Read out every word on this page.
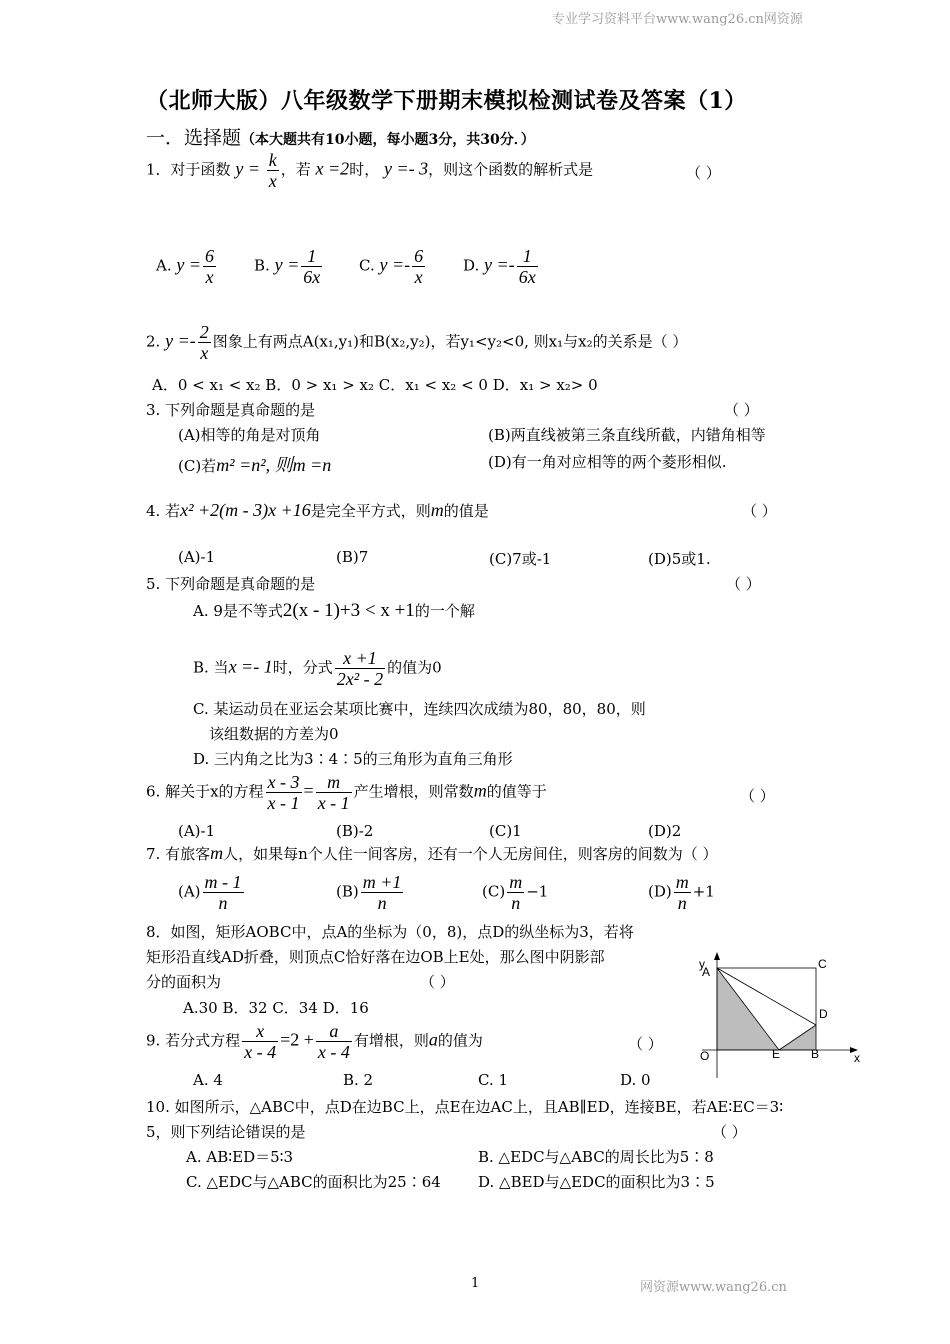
专业学习资料平台www.wang26.cn网资源
（北师大版）八年级数学下册期末模拟检测试卷及答案（1）
一．选择题（本大题共有10小题，每小题3分，共30分．）
1．对于函数 $y = \frac{k}{x}$ ，若 x =2时， y =- 3，则这个函数的解析式是	（ ）
A. $y = \frac{6}{x}$	B. $y = \frac{1}{6x} C$. $y =- \frac{6}{x}$	D. $y =- \frac{1}{6x}$
2. $y =- \frac{2}{x}$ 图象上有两点A(x₁,y₁)和B(x₂,y₂)，若y₁<y₂<0, 则x₁与x₂的关系是（ ）
A．0 < x₁ < x₂ B．0 > x₁ > x₂ C．x₁ < x₂ < 0 D．x₁ > x₂> 0
3. 下列命题是真命题的是	（ ）
(A)相等的角是对顶角	(B)两直线被第三条直线所截，内错角相等
(C)若m² =n², 则m =n	(D)有一角对应相等的两个菱形相似.
4. 若x² +2(m - 3)x +16是完全平方式，则m的值是	（ ）
(A)-1	(B)7	(C)7或-1	(D)5或1.
5. 下列命题是真命题的是	（ ）
A. 9是不等式2(x - 1)+3 < x +1的一个解
B. 当x =- 1时，分式 $\frac{x +1}{\text{2x² - 2}}$ 的值为0
C. 某运动员在亚运会某项比赛中，连续四次成绩为80，80，80，则
该组数据的方差为0
D. 三内角之比为3∶4∶5的三角形为直角三角形
6. 解关于x的方程 $\frac{x - 3}{x - 1} = \frac{m}{x - 1}$ 产生增根，则常数m的值等于	（ ）
(A)-1	(B)-2	(C)1	(D)2
7. 有旅客m人，如果每n个人住一间客房，还有一个人无房间住，则客房的间数为（ ）
$(A) \frac{m - 1}{n}$	$(B) \frac{m +1}{n}$	$(C) \frac{m}{n} -1$	$(D) \frac{m}{n} +1$
8．如图，矩形AOBC中，点A的坐标为（0，8)，点D的纵坐标为3，若将
矩形沿直线AD折叠，则顶点C恰好落在边OB上E处，那么图中阴影部
分的面积为	（ ）
A.30 B．32 C．34 D．16
y
A
C
D
O	E	B	x
9. 若分式方程 $\frac{x}{x - 4} =2 + \frac{a}{x - 4}$ 有增根，则a的值为	（ ）
A. 4	B. 2	C. 1	D. 0
10. 如图所示，△ABC中，点D在边BC上，点E在边AC上，且AB∥ED，连接BE，若AE∶EC＝3∶
5，则下列结论错误的是	（ ）
A. AB∶ED＝5∶3	B. △EDC与△ABC的周长比为5∶8
C. △EDC与△ABC的面积比为25∶64 D. △BED与△EDC的面积比为3∶5
1	网资源www.wang26.cn
